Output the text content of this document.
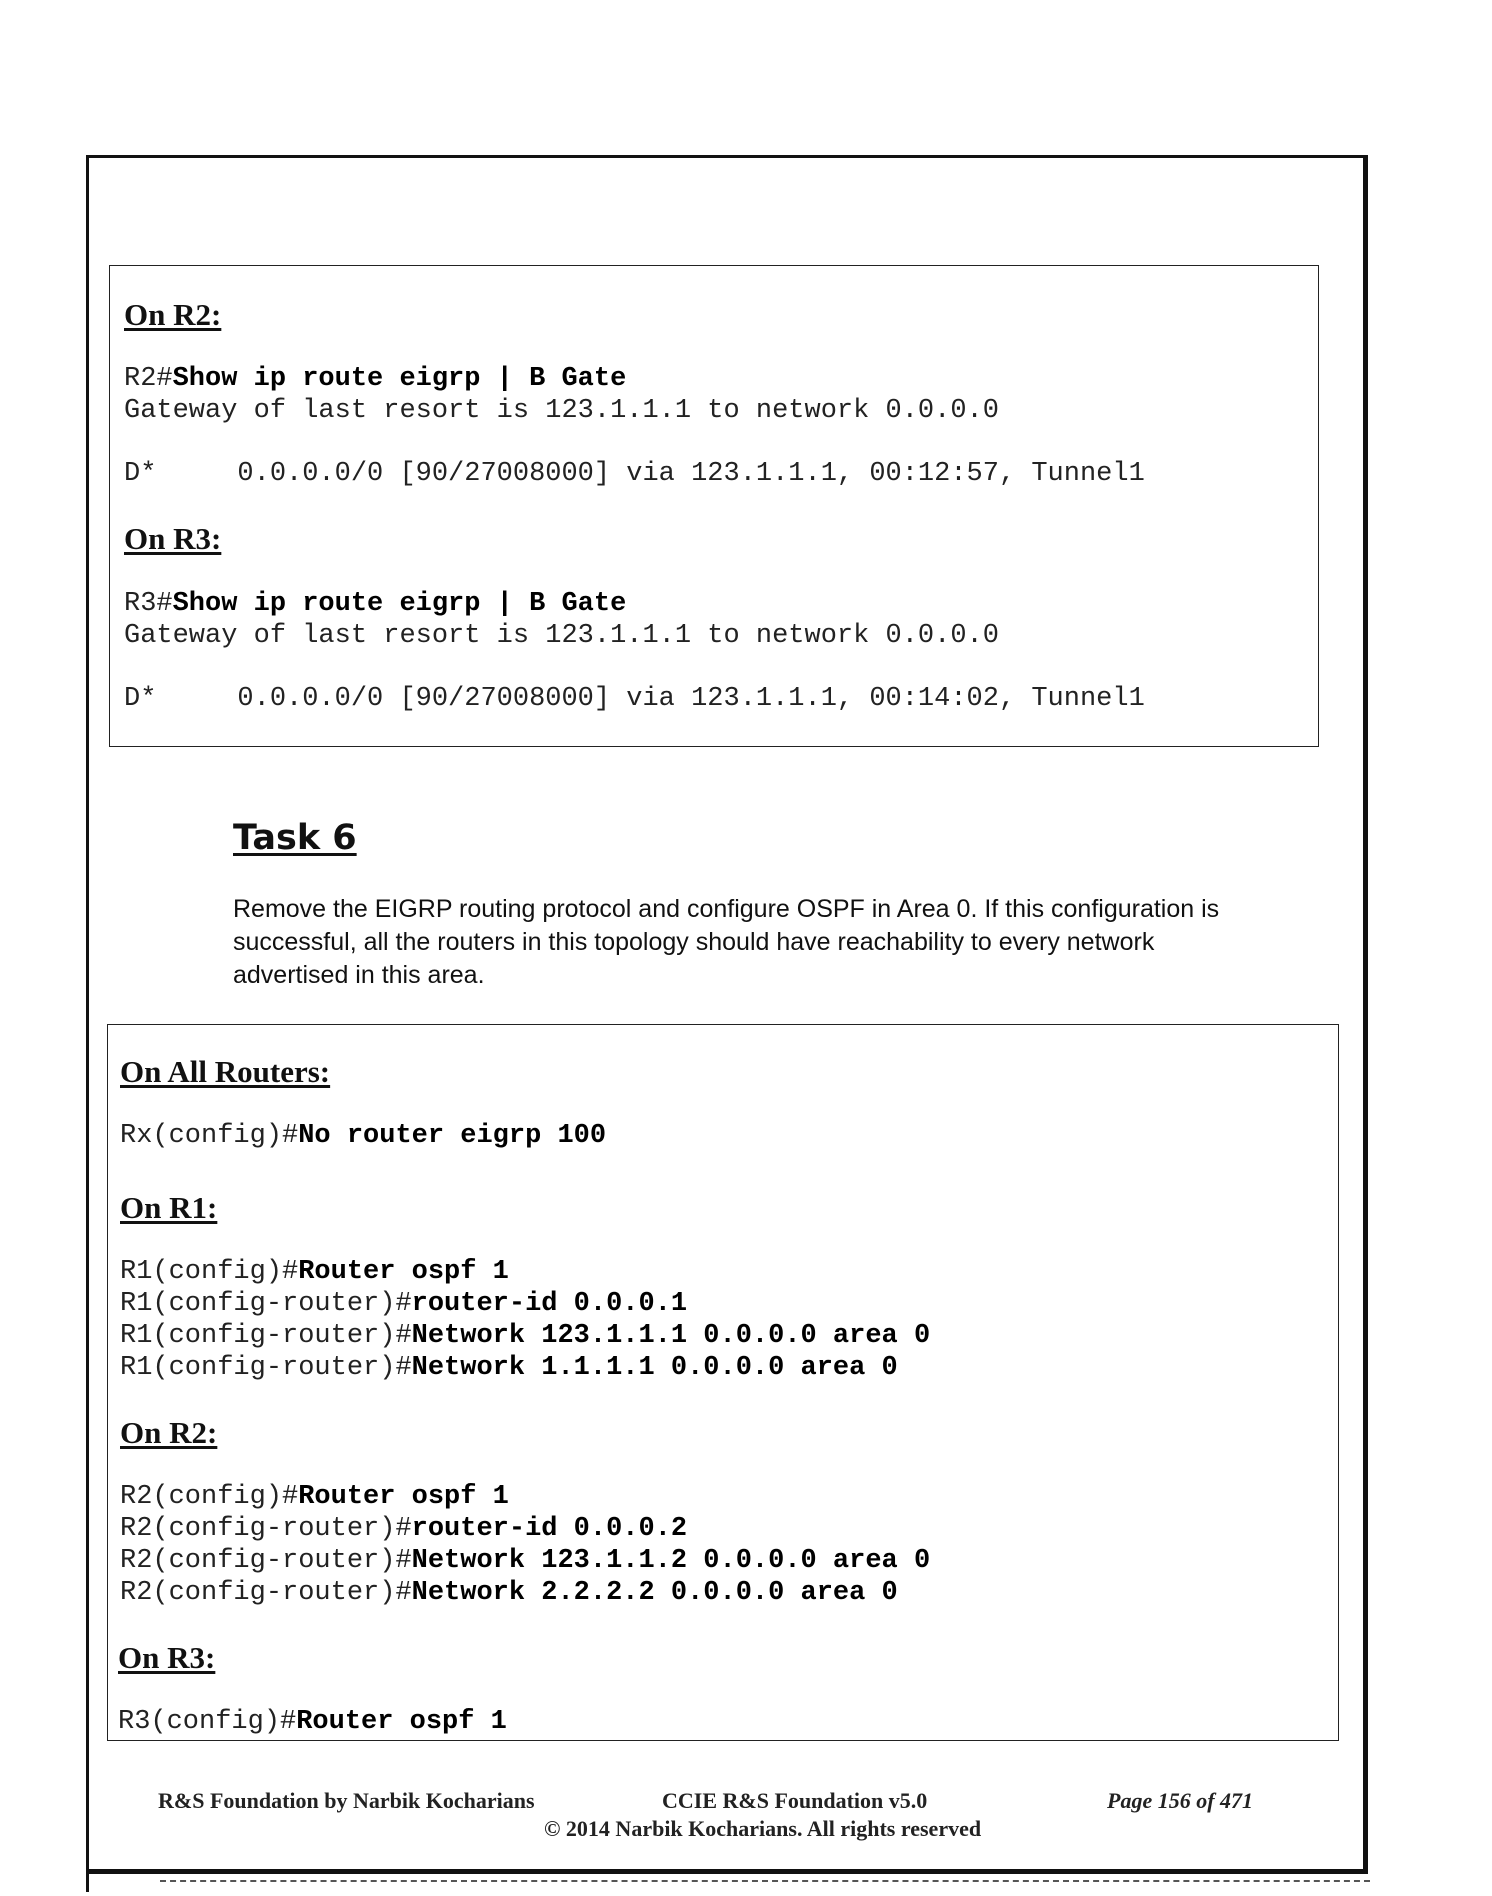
On R2:
R2#Show ip route eigrp | B Gate
Gateway of last resort is 123.1.1.1 to network 0.0.0.0
D*     0.0.0.0/0 [90/27008000] via 123.1.1.1, 00:12:57, Tunnel1
On R3:
R3#Show ip route eigrp | B Gate
Gateway of last resort is 123.1.1.1 to network 0.0.0.0
D*     0.0.0.0/0 [90/27008000] via 123.1.1.1, 00:14:02, Tunnel1
Task 6

Remove the EIGRP routing protocol and configure OSPF in Area 0. If this configuration is successful, all the routers in this topology should have reachability to every network advertised in this area.

On All Routers:
Rx(config)#No router eigrp 100
On R1:
R1(config)#Router ospf 1
R1(config-router)#router-id 0.0.0.1
R1(config-router)#Network 123.1.1.1 0.0.0.0 area 0
R1(config-router)#Network 1.1.1.1 0.0.0.0 area 0
On R2:
R2(config)#Router ospf 1
R2(config-router)#router-id 0.0.0.2
R2(config-router)#Network 123.1.1.2 0.0.0.0 area 0
R2(config-router)#Network 2.2.2.2 0.0.0.0 area 0
On R3:
R3(config)#Router ospf 1
R&S Foundation by Narbik Kocharians	CCIE R&S Foundation v5.0	Page 156 of 471
© 2014 Narbik Kocharians. All rights reserved
